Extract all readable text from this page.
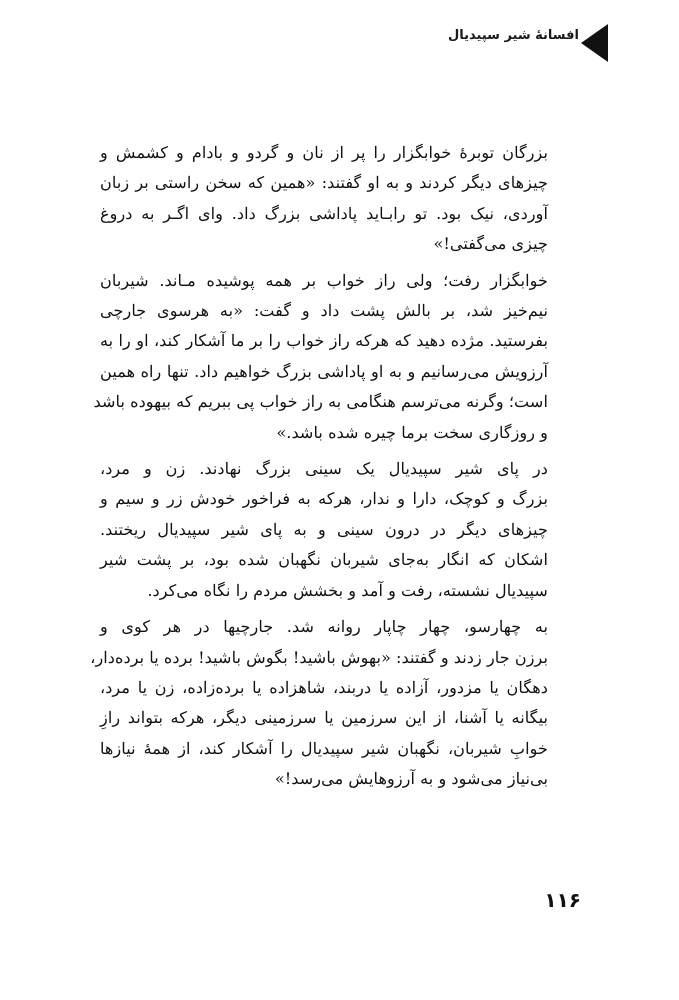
افسانهٔ شیر سپیدیال
بزرگان توبرهٔ خوابگزار را پر از نان و گردو و بادام و کشمش و
چیزهای دیگر کردند و به او گفتند: «همین که سخن راستی بر زبان
آوردی، نیک بود. تو رابـاید پاداشی بزرگ داد. وای اگـر به دروغ
چیزی می‌گفتی!»
خوابگزار رفت؛ ولی راز خواب بر همه پوشیده مـاند. شیربان
نیم‌خیز شد، بر بالش پشت داد و گفت: «به هرسوی جارچی
بفرستید. مژده دهید که هرکه راز خواب را بر ما آشکار کند، او را به
آرزویش می‌رسانیم و به او پاداشی بزرگ خواهیم داد. تنها راه همین
است؛ وگرنه می‌ترسم هنگامی به راز خواب پی ببریم که بیهوده باشد
و روزگاری سخت برما چیره شده باشد.»
در پای شیر سپیدیال یک سینی بزرگ نهادند. زن و مرد،
بزرگ و کوچک، دارا و ندار، هرکه به فراخور خودش زر و سیم و
چیزهای دیگر در درون سینی و به پای شیر سپیدیال ریختند.
اشکان که انگار به‌جای شیربان نگهبان شده بود، بر پشت شیر
سپیدیال نشسته، رفت و آمد و بخشش مردم را نگاه می‌کرد.
به چهارسو، چهار چاپار روانه شد. جارچیها در هر کوی و
برزن جار زدند و گفتند: «بهوش باشید! بگوش باشید! برده یا برده‌دار،
دهگان یا مزدور، آزاده یا دربند، شاهزاده یا برده‌زاده، زن یا مرد،
بیگانه یا آشنا، از این سرزمین یا سرزمینی دیگر، هرکه بتواند رازِ
خوابِ شیربان، نگهبان شیر سپیدیال را آشکار کند، از همهٔ نیازها
بی‌نیاز می‌شود و به آرزوهایش می‌رسد!»
۱۱۶
